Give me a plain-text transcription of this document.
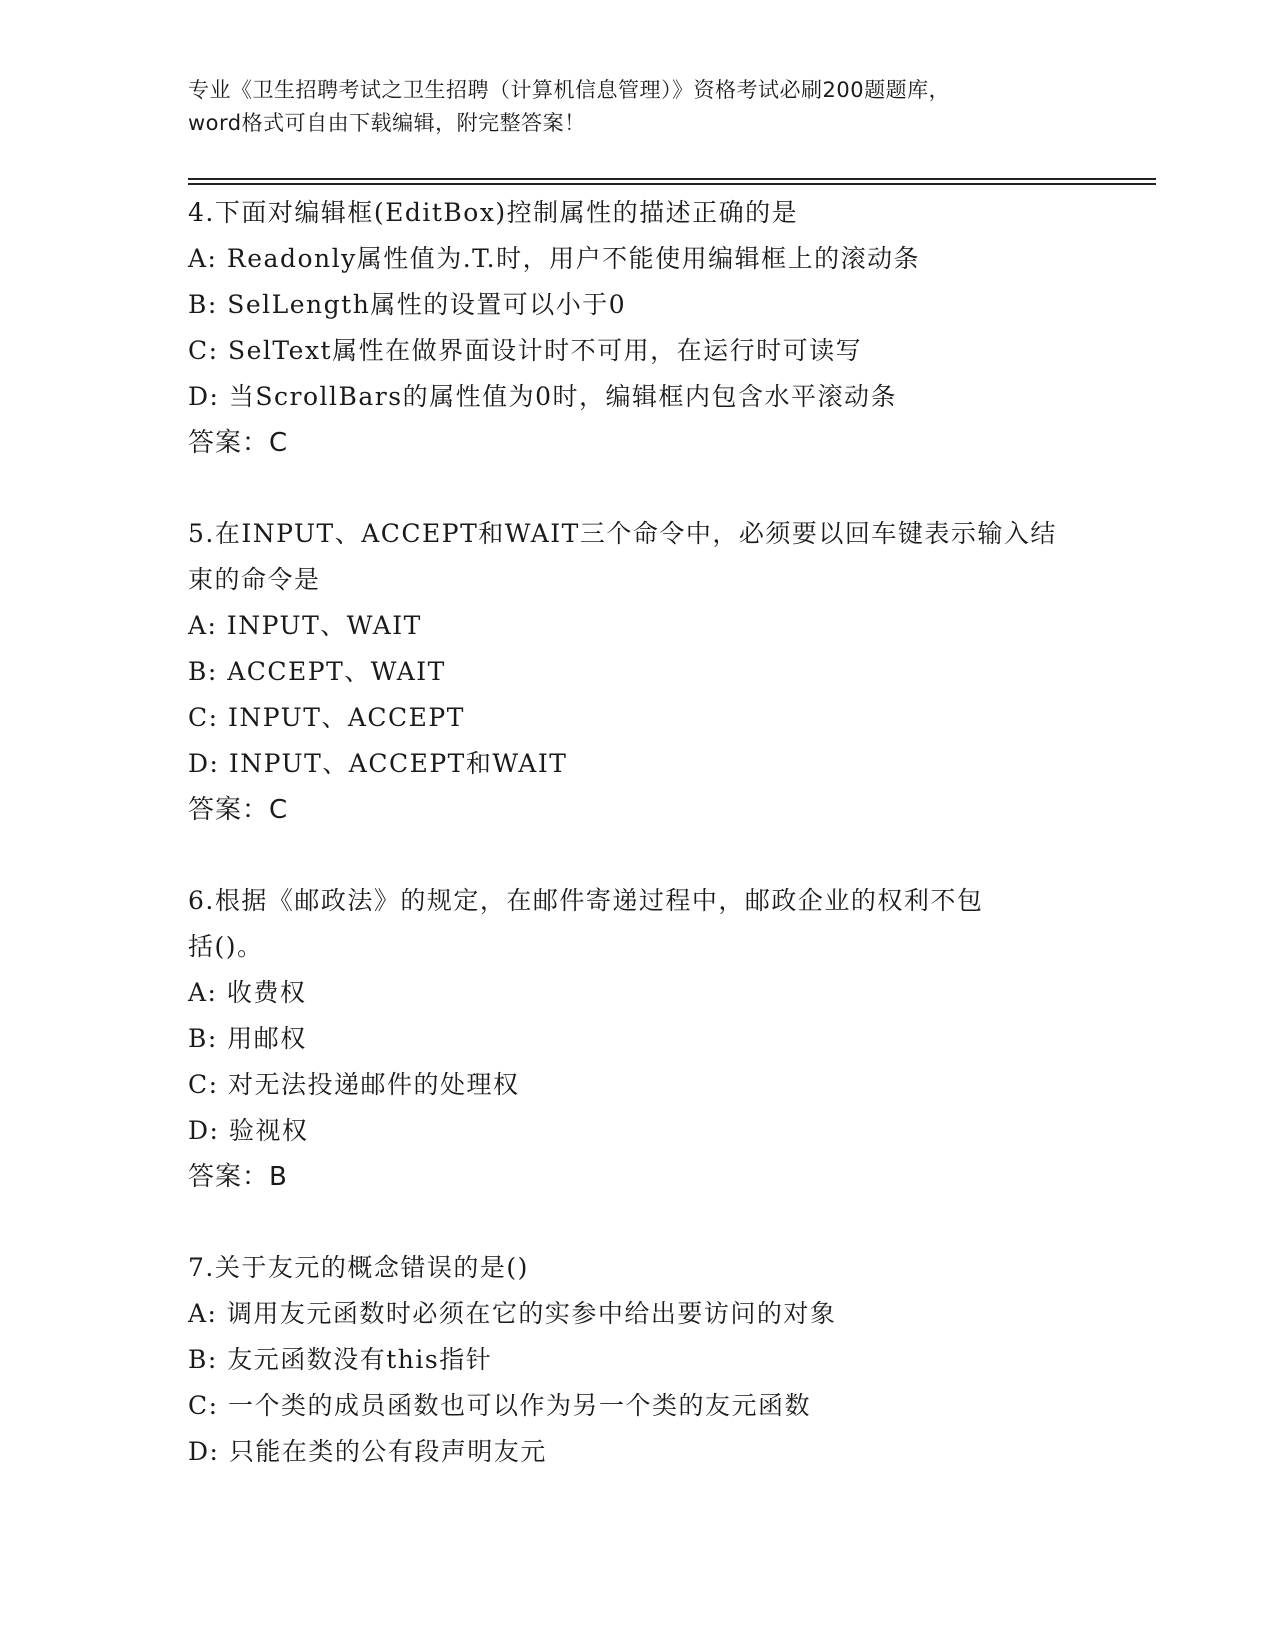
专业《卫生招聘考试之卫生招聘（计算机信息管理）》资格考试必刷200题题库，
word格式可自由下载编辑，附完整答案！
4.下面对编辑框(EditBox)控制属性的描述正确的是
A: Readonly属性值为.T.时，用户不能使用编辑框上的滚动条
B: SelLength属性的设置可以小于0
C: SelText属性在做界面设计时不可用，在运行时可读写
D: 当ScrollBars的属性值为0时，编辑框内包含水平滚动条
答案：C
5.在INPUT、ACCEPT和WAIT三个命令中，必须要以回车键表示输入结
束的命令是
A: INPUT、WAIT
B: ACCEPT、WAIT
C: INPUT、ACCEPT
D: INPUT、ACCEPT和WAIT
答案：C
6.根据《邮政法》的规定，在邮件寄递过程中，邮政企业的权利不包
括()。
A: 收费权
B: 用邮权
C: 对无法投递邮件的处理权
D: 验视权
答案：B
7.关于友元的概念错误的是()
A: 调用友元函数时必须在它的实参中给出要访问的对象
B: 友元函数没有this指针
C: 一个类的成员函数也可以作为另一个类的友元函数
D: 只能在类的公有段声明友元
